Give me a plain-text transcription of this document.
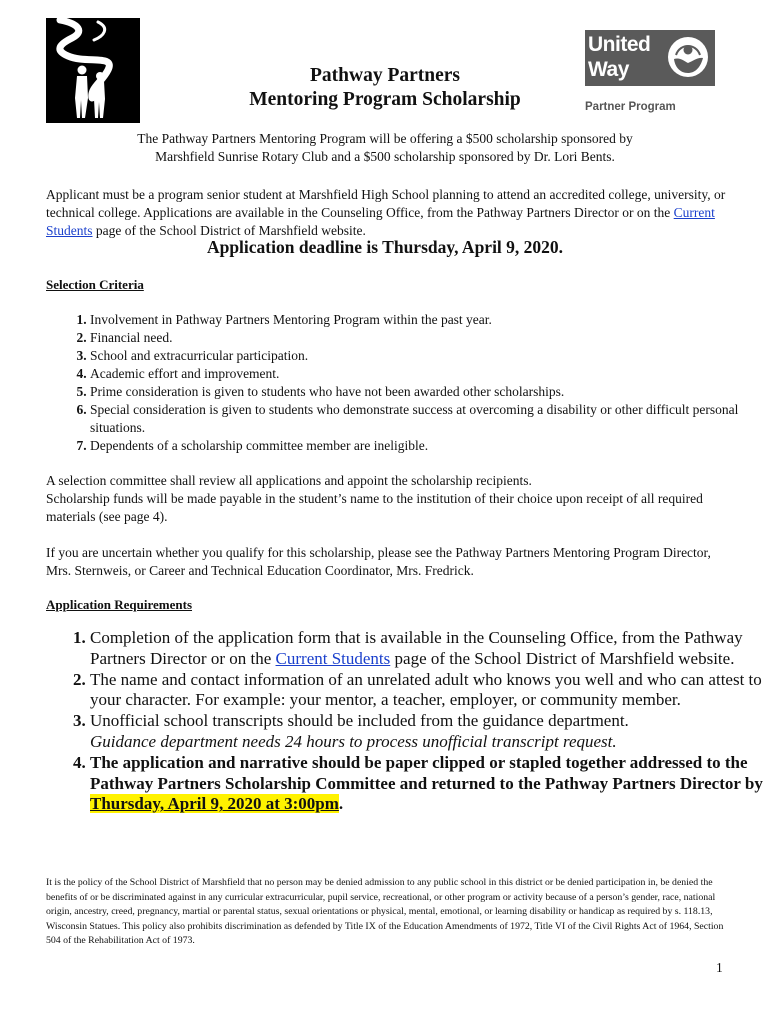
Pathway Partners
Mentoring Program Scholarship
United
Way
Partner Program
The Pathway Partners Mentoring Program will be offering a $500 scholarship sponsored by
Marshfield Sunrise Rotary Club and a $500 scholarship sponsored by Dr. Lori Bents.
Applicant must be a program senior student at Marshfield High School planning to attend an accredited college, university, or technical college. Applications are available in the Counseling Office, from the Pathway Partners Director or on the Current Students page of the School District of Marshfield website.
Application deadline is Thursday, April 9, 2020.
Selection Criteria
1. Involvement in Pathway Partners Mentoring Program within the past year.
2. Financial need.
3. School and extracurricular participation.
4. Academic effort and improvement.
5. Prime consideration is given to students who have not been awarded other scholarships.
6. Special consideration is given to students who demonstrate success at overcoming a disability or other difficult personal situations.
7. Dependents of a scholarship committee member are ineligible.
A selection committee shall review all applications and appoint the scholarship recipients.
Scholarship funds will be made payable in the student’s name to the institution of their choice upon receipt of all required materials (see page 4).
If you are uncertain whether you qualify for this scholarship, please see the Pathway Partners Mentoring Program Director, Mrs. Sternweis, or Career and Technical Education Coordinator, Mrs. Fredrick.
Application Requirements
1. Completion of the application form that is available in the Counseling Office, from the Pathway Partners Director or on the Current Students page of the School District of Marshfield website.
2. The name and contact information of an unrelated adult who knows you well and who can attest to your character. For example: your mentor, a teacher, employer, or community member.
3. Unofficial school transcripts should be included from the guidance department.
Guidance department needs 24 hours to process unofficial transcript request.
4. The application and narrative should be paper clipped or stapled together addressed to the Pathway Partners Scholarship Committee and returned to the Pathway Partners Director by Thursday, April 9, 2020 at 3:00pm.
It is the policy of the School District of Marshfield that no person may be denied admission to any public school in this district or be denied participation in, be denied the benefits of or be discriminated against in any curricular extracurricular, pupil service, recreational, or other program or activity because of a person’s gender, race, national origin, ancestry, creed, pregnancy, martial or parental status, sexual orientations or physical, mental, emotional, or learning disability or handicap as required by s. 118.13, Wisconsin Statues. This policy also prohibits discrimination as defended by Title IX of the Education Amendments of 1972, Title VI of the Civil Rights Act of 1964, Section 504 of the Rehabilitation Act of 1973.
1
